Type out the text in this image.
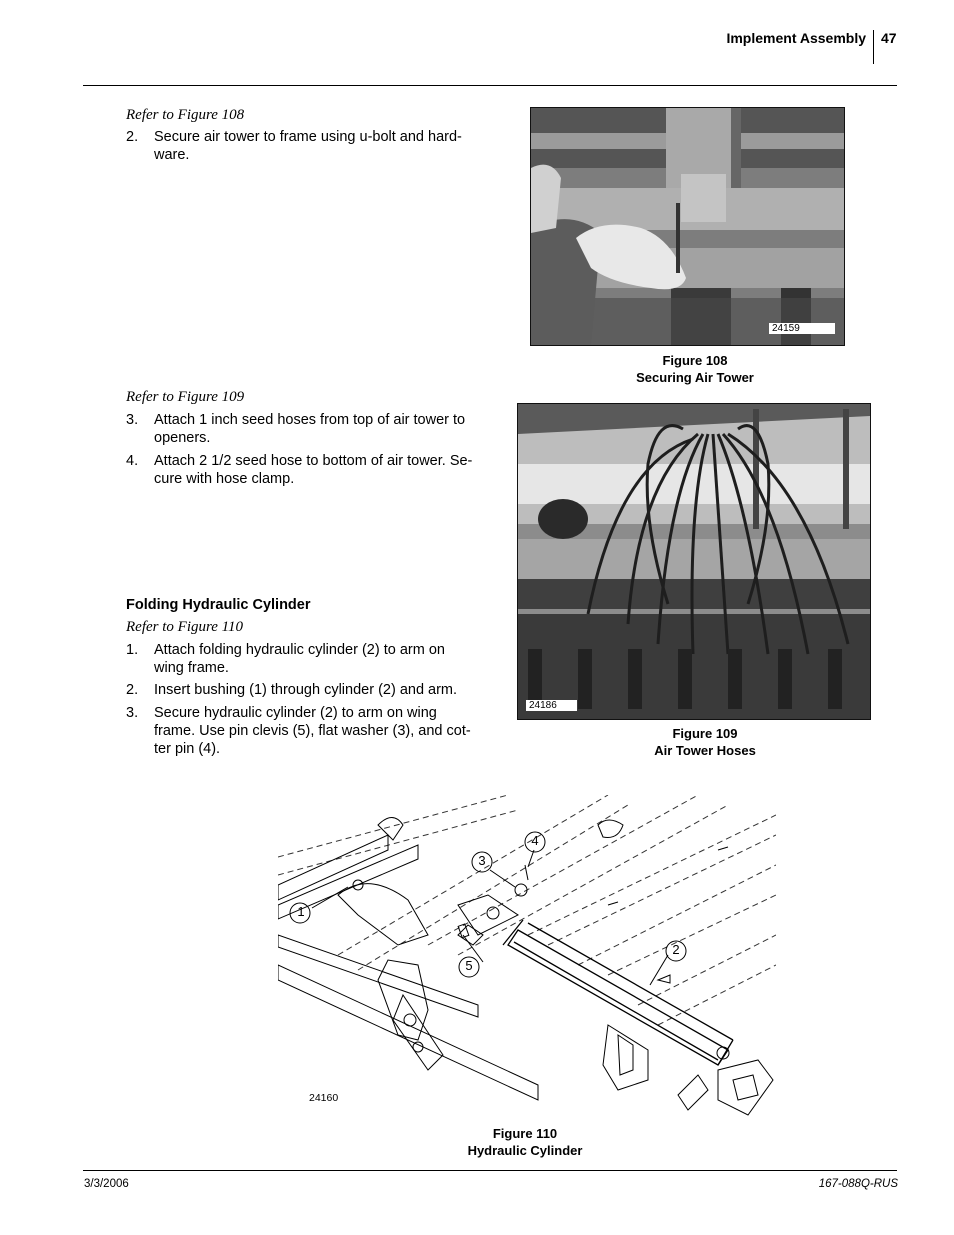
Implement Assembly 47
Refer to Figure 108
2. Secure air tower to frame using u-bolt and hard-
ware.
24159
Figure 108
Securing Air Tower
Refer to Figure 109
3. Attach 1 inch seed hoses from top of air tower to
openers.
4. Attach 2 1/2 seed hose to bottom of air tower. Se-
cure with hose clamp.
24186
Figure 109
Air Tower Hoses
Folding Hydraulic Cylinder
Refer to Figure 110
1. Attach folding hydraulic cylinder (2) to arm on
wing frame.
2. Insert bushing (1) through cylinder (2) and arm.
3. Secure hydraulic cylinder (2) to arm on wing
frame. Use pin clevis (5), flat washer (3), and cot-
ter pin (4).
1
2
3
4
5
24160
Figure 110
Hydraulic Cylinder
3/3/2006	167-088Q-RUS
